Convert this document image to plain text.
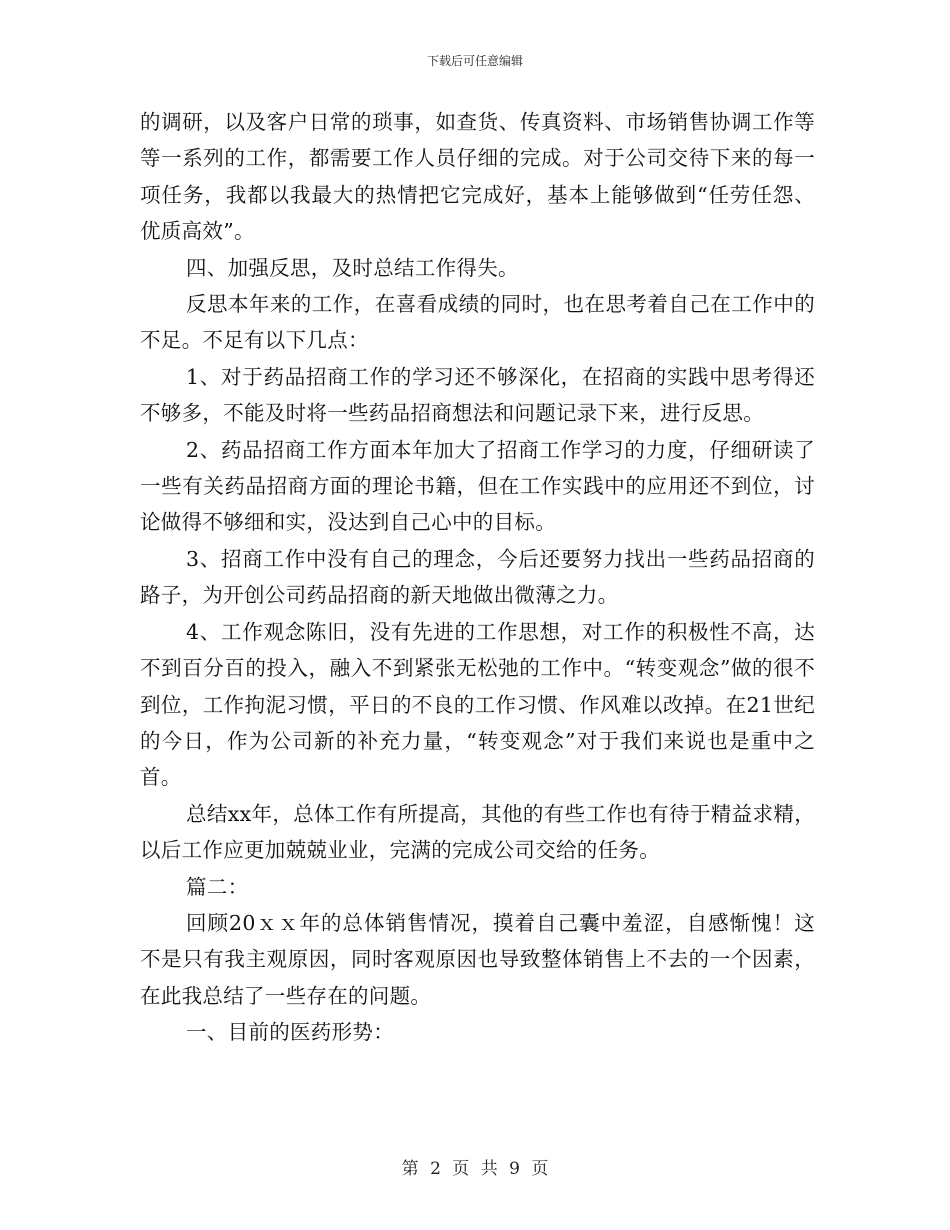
下载后可任意编辑

的调研，以及客户日常的琐事，如查货、传真资料、市场销售协调工作等等一系列的工作，都需要工作人员仔细的完成。对于公司交待下来的每一项任务，我都以我最大的热情把它完成好，基本上能够做到“任劳任怨、优质高效”。

四、加强反思，及时总结工作得失。

反思本年来的工作，在喜看成绩的同时，也在思考着自己在工作中的不足。不足有以下几点：

1、对于药品招商工作的学习还不够深化，在招商的实践中思考得还不够多，不能及时将一些药品招商想法和问题记录下来，进行反思。

2、药品招商工作方面本年加大了招商工作学习的力度，仔细研读了一些有关药品招商方面的理论书籍，但在工作实践中的应用还不到位，讨论做得不够细和实，没达到自己心中的目标。

3、招商工作中没有自己的理念，今后还要努力找出一些药品招商的路子，为开创公司药品招商的新天地做出微薄之力。

4、工作观念陈旧，没有先进的工作思想，对工作的积极性不高，达不到百分百的投入，融入不到紧张无松弛的工作中。“转变观念”做的很不到位，工作拘泥习惯，平日的不良的工作习惯、作风难以改掉。在21世纪的今日，作为公司新的补充力量，“转变观念”对于我们来说也是重中之首。

总结xx年，总体工作有所提高，其他的有些工作也有待于精益求精，以后工作应更加兢兢业业，完满的完成公司交给的任务。

篇二：

回顾20ｘｘ年的总体销售情况，摸着自己囊中羞涩，自感惭愧！这不是只有我主观原因，同时客观原因也导致整体销售上不去的一个因素，在此我总结了一些存在的问题。

一、目前的医药形势：

第 2 页 共 9 页
